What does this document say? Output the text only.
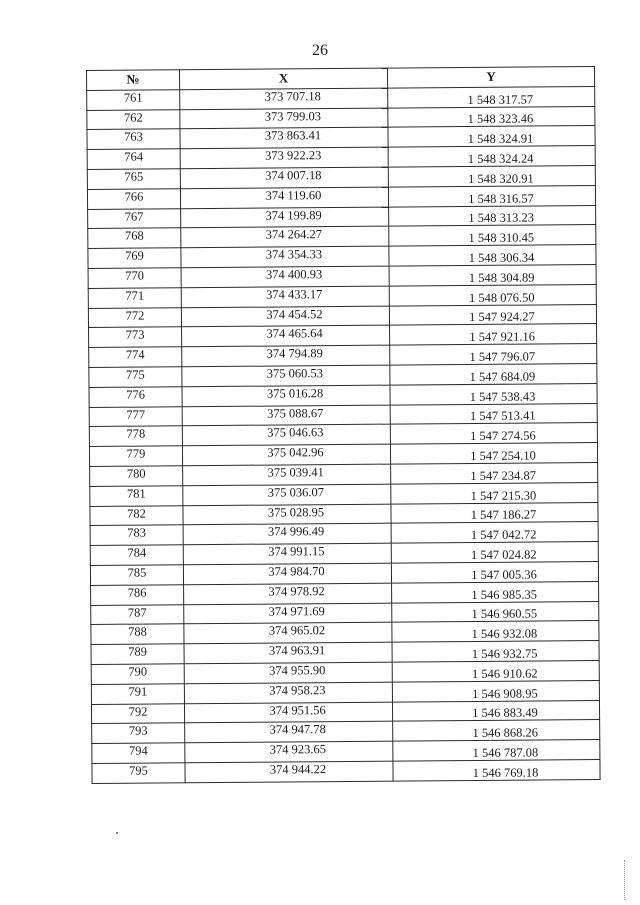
26
№	X	Y
761	373 707.18	1 548 317.57
762	373 799.03	1 548 323.46
763	373 863.41	1 548 324.91
764	373 922.23	1 548 324.24
765	374 007.18	1 548 320.91
766	374 119.60	1 548 316.57
767	374 199.89	1 548 313.23
768	374 264.27	1 548 310.45
769	374 354.33	1 548 306.34
770	374 400.93	1 548 304.89
771	374 433.17	1 548 076.50
772	374 454.52	1 547 924.27
773	374 465.64	1 547 921.16
774	374 794.89	1 547 796.07
775	375 060.53	1 547 684.09
776	375 016.28	1 547 538.43
777	375 088.67	1 547 513.41
778	375 046.63	1 547 274.56
779	375 042.96	1 547 254.10
780	375 039.41	1 547 234.87
781	375 036.07	1 547 215.30
782	375 028.95	1 547 186.27
783	374 996.49	1 547 042.72
784	374 991.15	1 547 024.82
785	374 984.70	1 547 005.36
786	374 978.92	1 546 985.35
787	374 971.69	1 546 960.55
788	374 965.02	1 546 932.08
789	374 963.91	1 546 932.75
790	374 955.90	1 546 910.62
791	374 958.23	1 546 908.95
792	374 951.56	1 546 883.49
793	374 947.78	1 546 868.26
794	374 923.65	1 546 787.08
795	374 944.22	1 546 769.18
